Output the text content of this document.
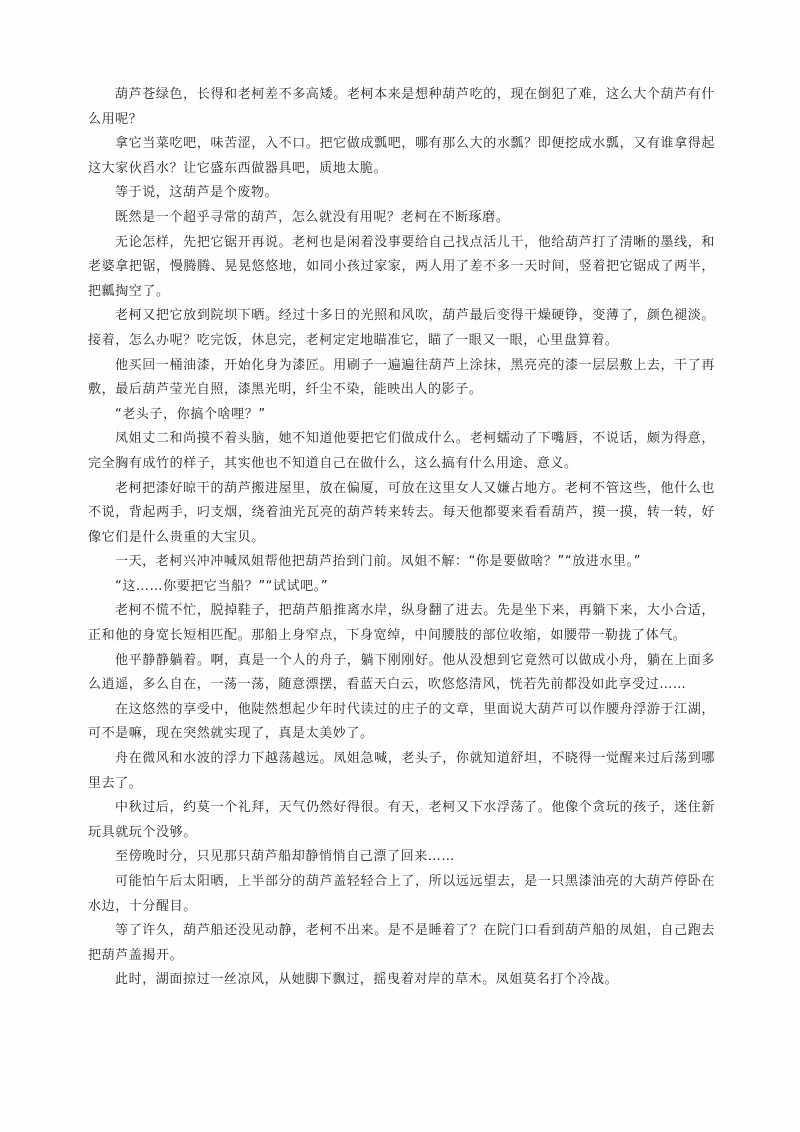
葫芦苍绿色，长得和老柯差不多高矮。老柯本来是想种葫芦吃的，现在倒犯了难，这么大个葫芦有什么用呢？

拿它当菜吃吧，味苦涩，入不口。把它做成瓢吧，哪有那么大的水瓢？即便挖成水瓢，又有谁拿得起这大家伙舀水？让它盛东西做器具吧，质地太脆。

等于说，这葫芦是个废物。

既然是一个超乎寻常的葫芦，怎么就没有用呢？老柯在不断琢磨。

无论怎样，先把它锯开再说。老柯也是闲着没事要给自己找点活儿干，他给葫芦打了清晰的墨线，和老婆拿把锯，慢腾腾、晃晃悠悠地，如同小孩过家家，两人用了差不多一天时间，竖着把它锯成了两半，把瓤掏空了。

老柯又把它放到院坝下晒。经过十多日的光照和风吹，葫芦最后变得干燥硬铮，变薄了，颜色褪淡。接着，怎么办呢？吃完饭，休息完，老柯定定地瞄准它，瞄了一眼又一眼，心里盘算着。

他买回一桶油漆，开始化身为漆匠。用刷子一遍遍往葫芦上涂抹，黑亮亮的漆一层层敷上去，干了再敷，最后葫芦莹光自照，漆黑光明，纤尘不染，能映出人的影子。

“老头子，你搞个啥哩？”

凤姐丈二和尚摸不着头脑，她不知道他要把它们做成什么。老柯蠕动了下嘴唇，不说话，颇为得意，完全胸有成竹的样子，其实他也不知道自己在做什么，这么搞有什么用途、意义。

老柯把漆好晾干的葫芦搬进屋里，放在偏厦，可放在这里女人又嫌占地方。老柯不管这些，他什么也不说，背起两手，叼支烟，绕着油光瓦亮的葫芦转来转去。每天他都要来看看葫芦，摸一摸，转一转，好像它们是什么贵重的大宝贝。

一天，老柯兴冲冲喊凤姐帮他把葫芦抬到门前。凤姐不解：“你是要做啥？”“放进水里。”

“这……你要把它当船？”“试试吧。”

老柯不慌不忙，脱掉鞋子，把葫芦船推离水岸，纵身翻了进去。先是坐下来，再躺下来，大小合适，正和他的身宽长短相匹配。那船上身窄点，下身宽绰，中间腰肢的部位收缩，如腰带一勒拢了体气。

他平静静躺着。啊，真是一个人的舟子，躺下刚刚好。他从没想到它竟然可以做成小舟，躺在上面多么逍遥，多么自在，一荡一荡，随意漂摆，看蓝天白云，吹悠悠清风，恍若先前都没如此享受过……

在这悠然的享受中，他陡然想起少年时代读过的庄子的文章，里面说大葫芦可以作腰舟浮游于江湖，可不是嘛，现在突然就实现了，真是太美妙了。

舟在微风和水波的浮力下越荡越远。凤姐急喊，老头子，你就知道舒坦，不晓得一觉醒来过后荡到哪里去了。

中秋过后，约莫一个礼拜，天气仍然好得很。有天，老柯又下水浮荡了。他像个贪玩的孩子，迷住新玩具就玩个没够。

至傍晚时分，只见那只葫芦船却静悄悄自己漂了回来……

可能怕午后太阳晒，上半部分的葫芦盖轻轻合上了，所以远远望去，是一只黑漆油亮的大葫芦停卧在水边，十分醒目。

等了许久，葫芦船还没见动静，老柯不出来。是不是睡着了？在院门口看到葫芦船的凤姐，自己跑去把葫芦盖揭开。

此时，湖面掠过一丝凉风，从她脚下飘过，摇曳着对岸的草木。凤姐莫名打个冷战。
